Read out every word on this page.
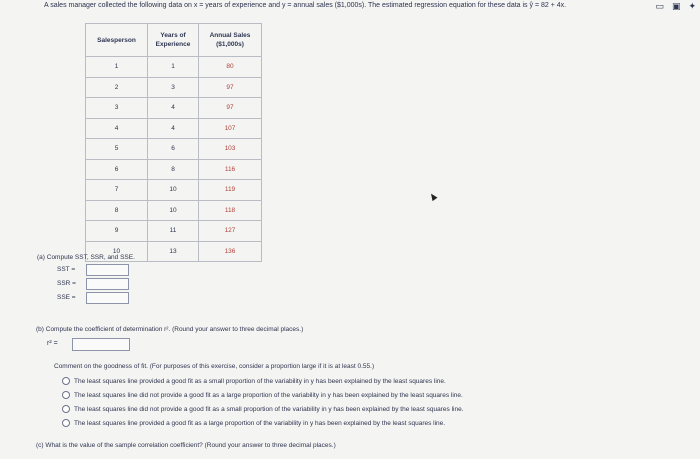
A sales manager collected the following data on x = years of experience and y = annual sales ($1,000s). The estimated regression equation for these data is ŷ = 82 + 4x.	▭ ▣ ✦
Salesperson	Years of Experience	Annual Sales ($1,000s)
1	1	80
2	3	97
3	4	97
4	4	107
5	6	103
6	8	116
7	10	119
8	10	118
9	11	127
10	13	136
(a) Compute SST, SSR, and SSE.
SST =
SSR =
SSE =
(b) Compute the coefficient of determination r². (Round your answer to three decimal places.)
r² =
Comment on the goodness of fit. (For purposes of this exercise, consider a proportion large if it is at least 0.55.)
The least squares line provided a good fit as a small proportion of the variability in y has been explained by the least squares line.
The least squares line did not provide a good fit as a large proportion of the variability in y has been explained by the least squares line.
The least squares line did not provide a good fit as a small proportion of the variability in y has been explained by the least squares line.
The least squares line provided a good fit as a large proportion of the variability in y has been explained by the least squares line.
(c) What is the value of the sample correlation coefficient? (Round your answer to three decimal places.)
